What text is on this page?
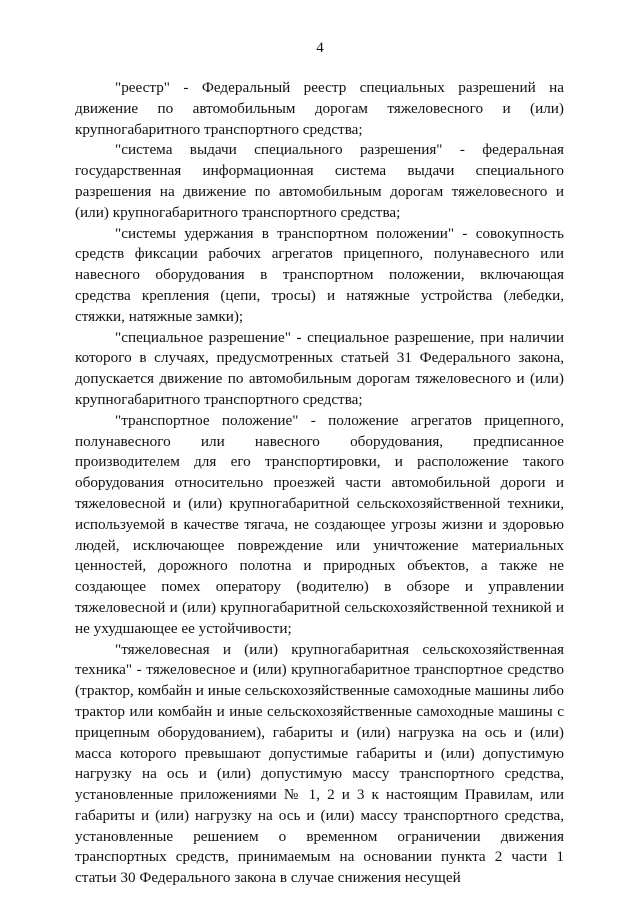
4

"реестр" - Федеральный реестр специальных разрешений на движение по автомобильным дорогам тяжеловесного и (или) крупногабаритного транспортного средства;

"система выдачи специального разрешения" - федеральная государственная информационная система выдачи специального разрешения на движение по автомобильным дорогам тяжеловесного и (или) крупногабаритного транспортного средства;

"системы удержания в транспортном положении" - совокупность средств фиксации рабочих агрегатов прицепного, полунавесного или навесного оборудования в транспортном положении, включающая средства крепления (цепи, тросы) и натяжные устройства (лебедки, стяжки, натяжные замки);

"специальное разрешение" - специальное разрешение, при наличии которого в случаях, предусмотренных статьей 31 Федерального закона, допускается движение по автомобильным дорогам тяжеловесного и (или) крупногабаритного транспортного средства;

"транспортное положение" - положение агрегатов прицепного, полунавесного или навесного оборудования, предписанное производителем для его транспортировки, и расположение такого оборудования относительно проезжей части автомобильной дороги и тяжеловесной и (или) крупногабаритной сельскохозяйственной техники, используемой в качестве тягача, не создающее угрозы жизни и здоровью людей, исключающее повреждение или уничтожение материальных ценностей, дорожного полотна и природных объектов, а также не создающее помех оператору (водителю) в обзоре и управлении тяжеловесной и (или) крупногабаритной сельскохозяйственной техникой и не ухудшающее ее устойчивости;

"тяжеловесная и (или) крупногабаритная сельскохозяйственная техника" - тяжеловесное и (или) крупногабаритное транспортное средство (трактор, комбайн и иные сельскохозяйственные самоходные машины либо трактор или комбайн и иные сельскохозяйственные самоходные машины с прицепным оборудованием), габариты и (или) нагрузка на ось и (или) масса которого превышают допустимые габариты и (или) допустимую нагрузку на ось и (или) допустимую массу транспортного средства, установленные приложениями № 1, 2 и 3 к настоящим Правилам, или габариты и (или) нагрузку на ось и (или) массу транспортного средства, установленные решением о временном ограничении движения транспортных средств, принимаемым на основании пункта 2 части 1 статьи 30 Федерального закона в случае снижения несущей
